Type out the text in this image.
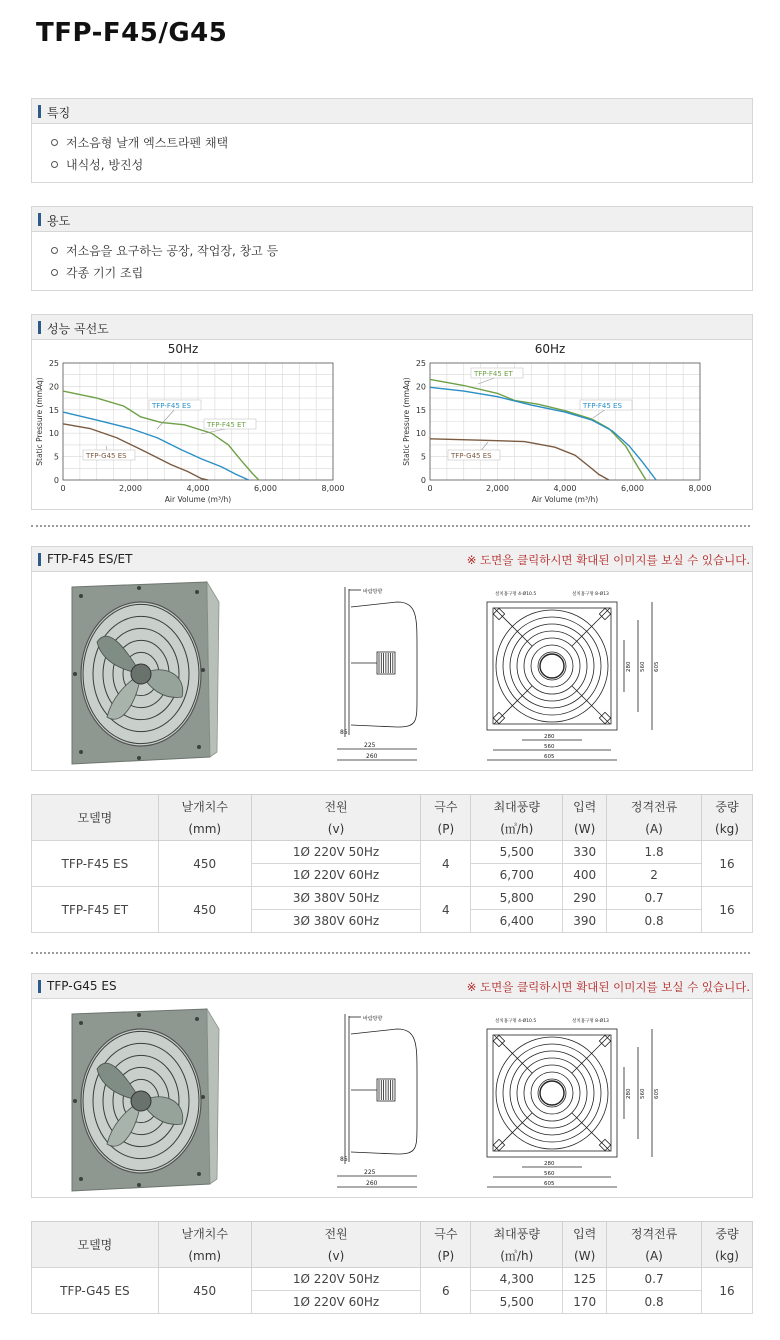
TFP-F45/G45
특징
저소음형 날개 엑스트라펜 채택
내식성, 방진성
용도
저소음을 요구하는 공장, 작업장, 창고 등
각종 기기 조립
성능 곡선도
50Hz
0
5
10
15
20
25
0	2,000	4,000	6,000	8,000
Air Volume (m³/h)
Static Pressure (mmAq)	TFP-F45 ES
TFP-F45 ET
TFP-G45 ES
60Hz
0
5
10
15
20
25
0	2,000	4,000	6,000	8,000
Air Volume (m³/h)
Static Pressure (mmAq)
TFP-F45 ET
TFP-F45 ES
TFP-G45 ES
FTP-F45 ES/ET	※ 도면을 클릭하시면 확대된 이미지를 보실 수 있습니다.
바람방향
85
225
260
설치홈구멍 4-Ø10.5	설치홈구멍 8-Ø13
280 560 605
280
560
605
모델명	날개치수	전원	극수	최대풍량	입력	정격전류	중량
	(mm)	(v)	(P)	(㎥/h)	(W)	(A)	(kg)
TFP-F45 ES	450	1Ø 220V 50Hz	4	5,500	330	1.8	16
		1Ø 220V 60Hz		6,700	400	2	
TFP-F45 ET	450	3Ø 380V 50Hz	4	5,800	290	0.7	16
		3Ø 380V 60Hz		6,400	390	0.8	
TFP-G45 ES	※ 도면을 클릭하시면 확대된 이미지를 보실 수 있습니다.
바람방향
85
225
260
설치홈구멍 4-Ø10.5	설치홈구멍 8-Ø13
280 560 605
280
560
605
모델명	날개치수	전원	극수	최대풍량	입력	정격전류	중량
	(mm)	(v)	(P)	(㎥/h)	(W)	(A)	(kg)
TFP-G45 ES	450	1Ø 220V 50Hz	6	4,300	125	0.7	16
		1Ø 220V 60Hz		5,500	170	0.8	
